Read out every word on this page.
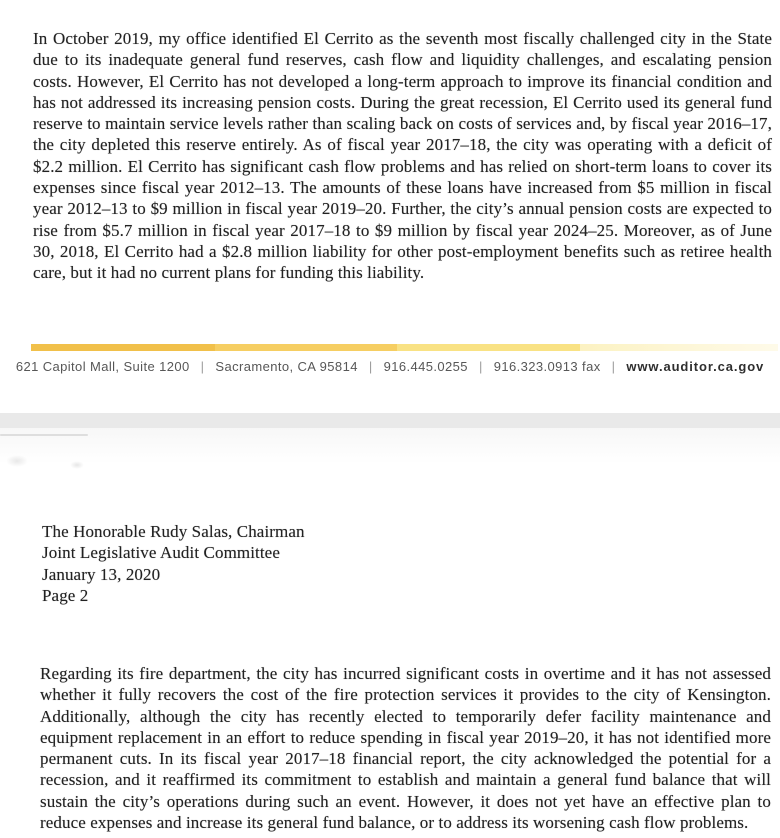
In October 2019, my office identified El Cerrito as the seventh most fiscally challenged city in the State due to its inadequate general fund reserves, cash flow and liquidity challenges, and escalating pension costs. However, El Cerrito has not developed a long-term approach to improve its financial condition and has not addressed its increasing pension costs. During the great recession, El Cerrito used its general fund reserve to maintain service levels rather than scaling back on costs of services and, by fiscal year 2016–17, the city depleted this reserve entirely. As of fiscal year 2017–18, the city was operating with a deficit of $2.2 million. El Cerrito has significant cash flow problems and has relied on short-term loans to cover its expenses since fiscal year 2012–13. The amounts of these loans have increased from $5 million in fiscal year 2012–13 to $9 million in fiscal year 2019–20. Further, the city’s annual pension costs are expected to rise from $5.7 million in fiscal year 2017–18 to $9 million by fiscal year 2024–25. Moreover, as of June 30, 2018, El Cerrito had a $2.8 million liability for other post-employment benefits such as retiree health care, but it had no current plans for funding this liability.

621 Capitol Mall, Suite 1200 | Sacramento, CA 95814 | 916.445.0255 | 916.323.0913 fax | www.auditor.ca.gov
The Honorable Rudy Salas, Chairman
Joint Legislative Audit Committee
January 13, 2020
Page 2

Regarding its fire department, the city has incurred significant costs in overtime and it has not assessed whether it fully recovers the cost of the fire protection services it provides to the city of Kensington. Additionally, although the city has recently elected to temporarily defer facility maintenance and equipment replacement in an effort to reduce spending in fiscal year 2019–20, it has not identified more permanent cuts. In its fiscal year 2017–18 financial report, the city acknowledged the potential for a recession, and it reaffirmed its commitment to establish and maintain a general fund balance that will sustain the city’s operations during such an event. However, it does not yet have an effective plan to reduce expenses and increase its general fund balance, or to address its worsening cash flow problems.
